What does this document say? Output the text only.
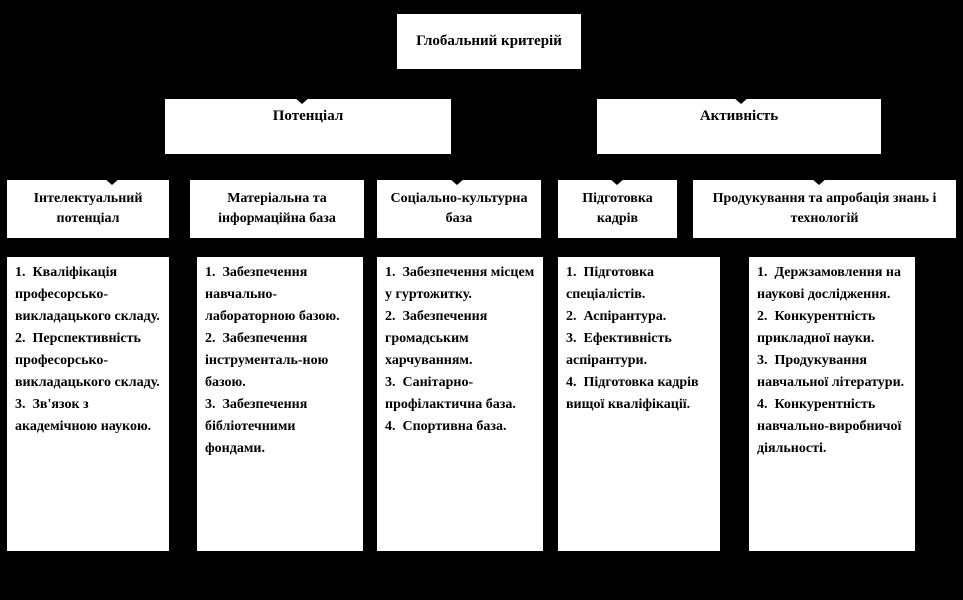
Глобальний критерій
Потенціал	Активність
Інтелектуальний потенціал
Матеріальна та інформаційна база
Соціально-культурна база
Підготовка кадрів
Продукування та апробація знань і технологій
1.  Кваліфікація професорсько-викладацького складу.
2.  Перспективність професорсько-викладацького складу.
3.  Зв'язок з академічною наукою.
1.  Забезпечення навчально-лабораторною базою.
2.  Забезпечення інструменталь-ною базою.
3.  Забезпечення бібліотечними фондами.
1.  Забезпечення місцем у гуртожитку.
2.  Забезпечення громадським харчуванням.
3.  Санітарно-профілактична база.
4.  Спортивна база.
1.  Підготовка спеціалістів.
2.  Аспірантура.
3.  Ефективність аспірантури.
4.  Підготовка кадрів вищої кваліфікації.
1.  Держзамовлення на наукові дослідження.
2.  Конкурентність прикладної науки.
3.  Продукування навчальної літератури.
4.  Конкурентність навчально-виробничої діяльності.
